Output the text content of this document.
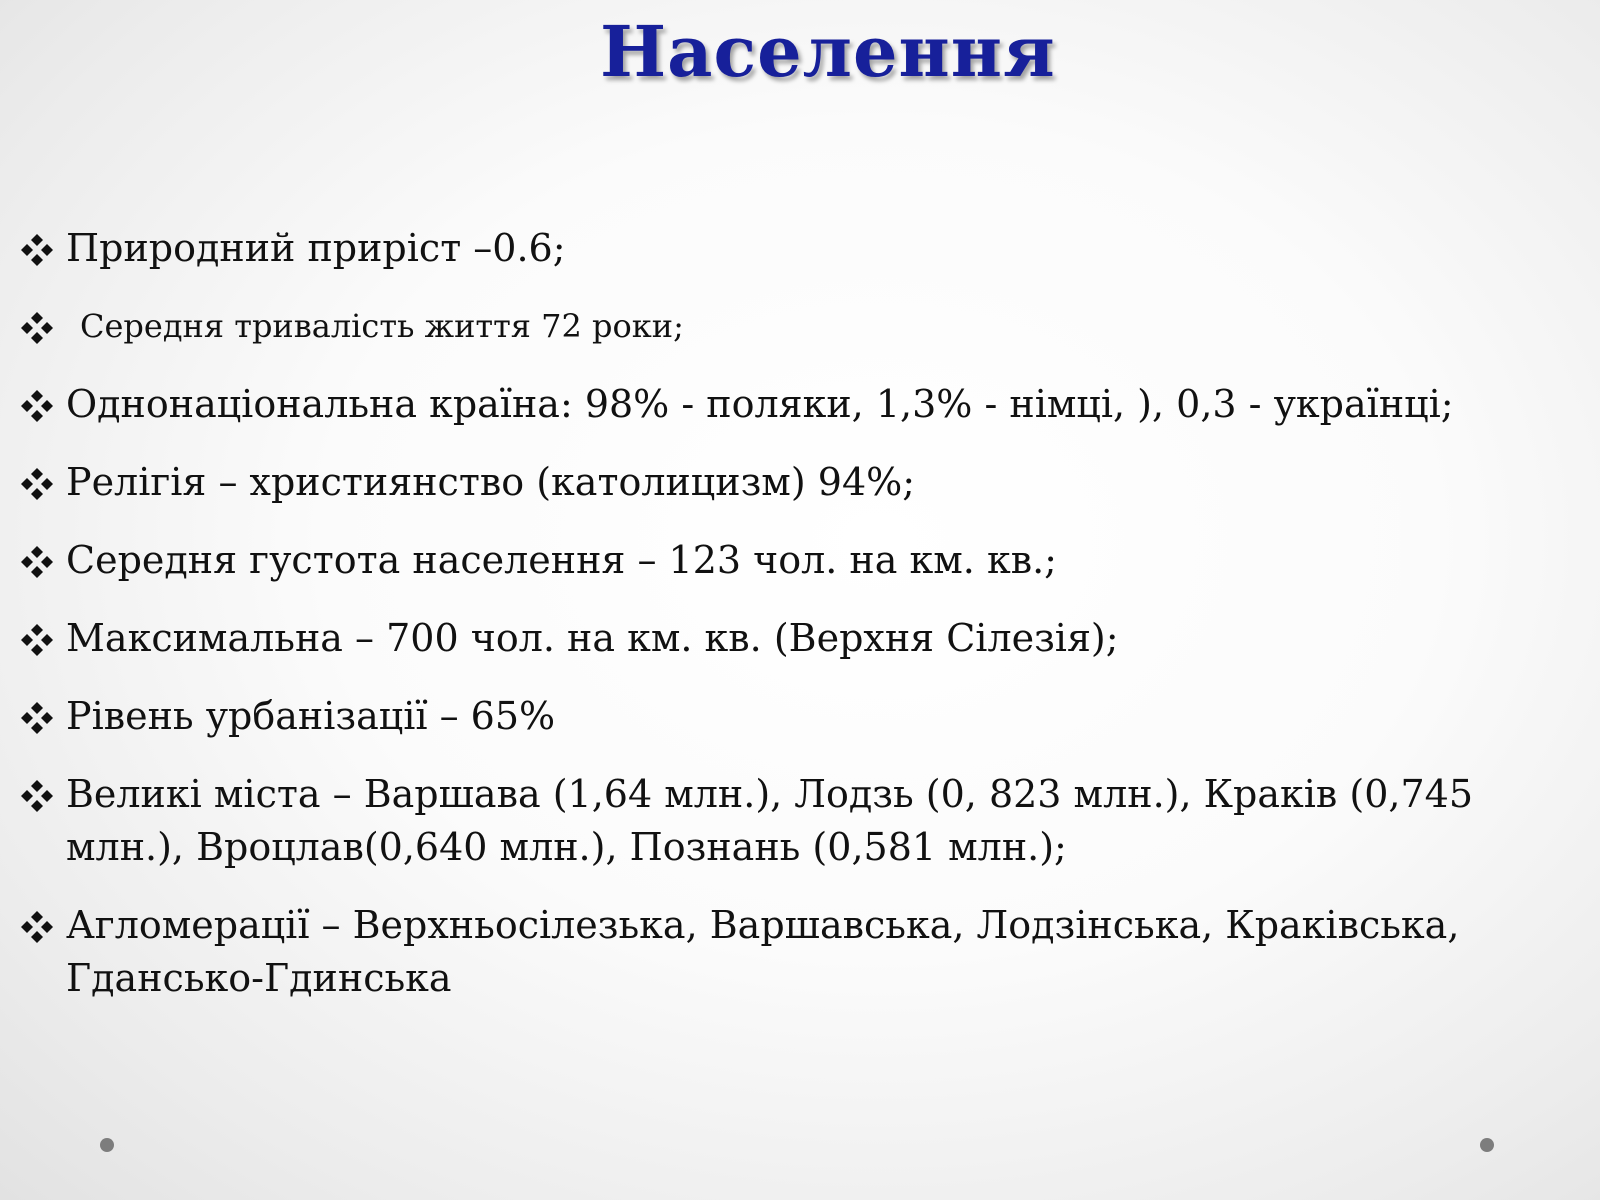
Населення
Природний приріст –0.6;
Середня тривалість життя 72 роки;
Однонаціональна країна: 98% - поляки, 1,3% - німці, ), 0,3 - українці;
Релігія – християнство (католицизм) 94%;
Середня густота населення – 123 чол. на км. кв.;
Максимальна – 700 чол. на км. кв. (Верхня Сілезія);
Рівень урбанізації – 65%
Великі міста – Варшава (1,64 млн.), Лодзь (0, 823 млн.), Краків (0,745 млн.), Вроцлав(0,640 млн.), Познань (0,581 млн.);
Агломерації – Верхньосілезька, Варшавська, Лодзінська, Краківська, Гдансько-Гдинська
